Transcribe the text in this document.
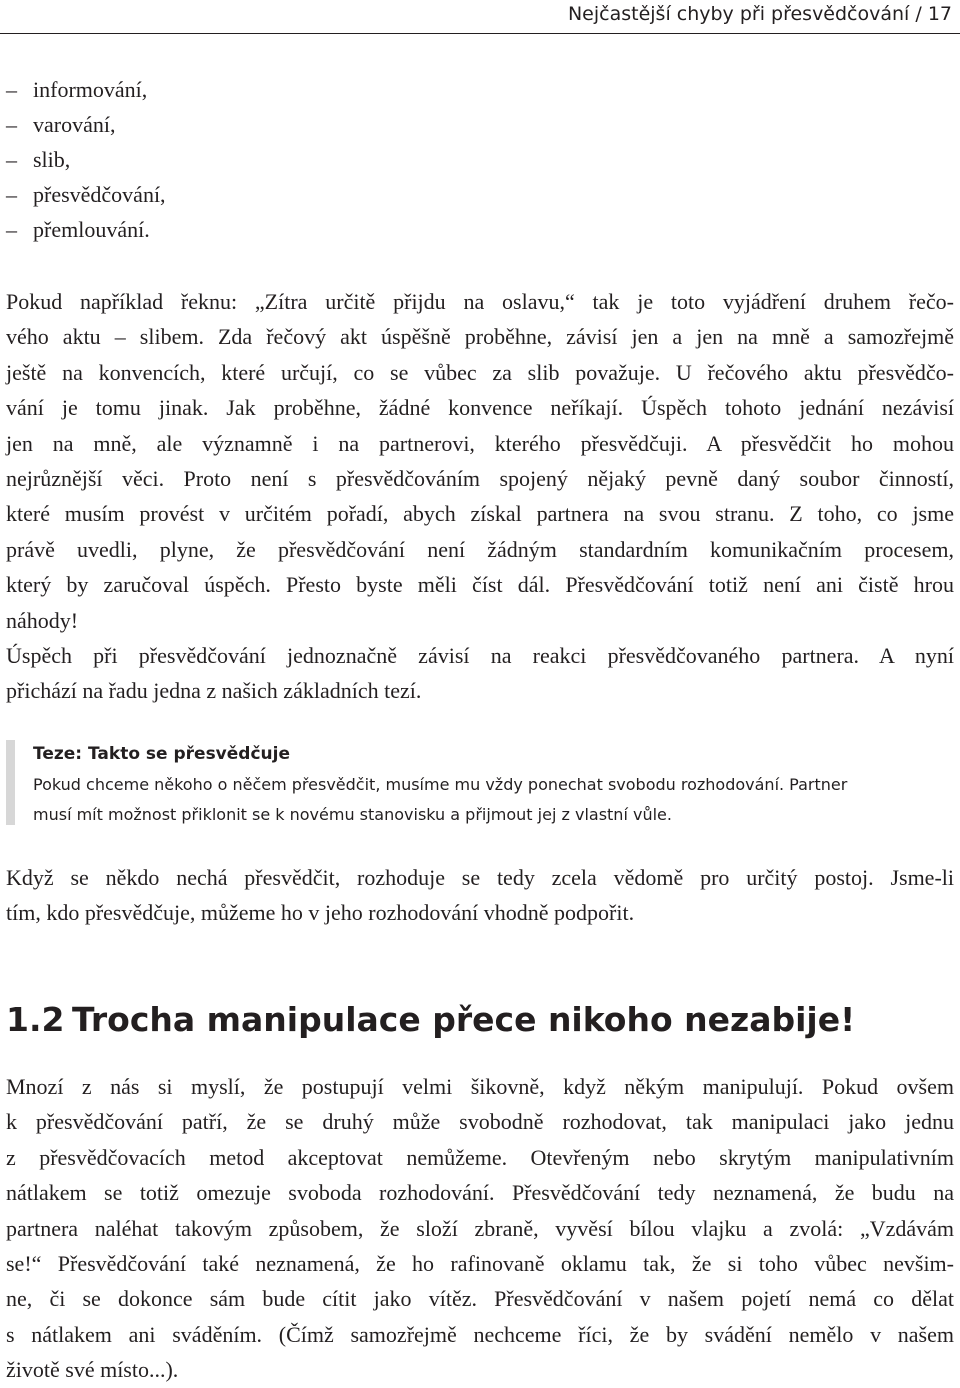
Nejčastější chyby při přesvědčování / 17
– informování,
– varování,
– slib,
– přesvědčování,
– přemlouvání.

Pokud například řeknu: „Zítra určitě přijdu na oslavu,“ tak je toto vyjádření druhem řečo-
vého aktu – slibem. Zda řečový akt úspěšně proběhne, závisí jen a jen na mně a samozřejmě
ještě na konvencích, které určují, co se vůbec za slib považuje. U řečového aktu přesvědčo-
vání je tomu jinak. Jak proběhne, žádné konvence neříkají. Úspěch tohoto jednání nezávisí
jen na mně, ale významně i na partnerovi, kterého přesvědčuji. A přesvědčit ho mohou
nejrůznější věci. Proto není s přesvědčováním spojený nějaký pevně daný soubor činností,
které musím provést v určitém pořadí, abych získal partnera na svou stranu. Z toho, co jsme
právě uvedli, plyne, že přesvědčování není žádným standardním komunikačním procesem,
který by zaručoval úspěch. Přesto byste měli číst dál. Přesvědčování totiž není ani čistě hrou
náhody!

Úspěch při přesvědčování jednoznačně závisí na reakci přesvědčovaného partnera. A nyní
přichází na řadu jedna z našich základních tezí.

Teze: Takto se přesvědčuje
Pokud chceme někoho o něčem přesvědčit, musíme mu vždy ponechat svobodu rozhodování. Partner
musí mít možnost přiklonit se k novému stanovisku a přijmout jej z vlastní vůle.

Když se někdo nechá přesvědčit, rozhoduje se tedy zcela vědomě pro určitý postoj. Jsme-li
tím, kdo přesvědčuje, můžeme ho v jeho rozhodování vhodně podpořit.

1.2 Trocha manipulace přece nikoho nezabije!

Mnozí z nás si myslí, že postupují velmi šikovně, když někým manipulují. Pokud ovšem
k přesvědčování patří, že se druhý může svobodně rozhodovat, tak manipulaci jako jednu
z přesvědčovacích metod akceptovat nemůžeme. Otevřeným nebo skrytým manipulativním
nátlakem se totiž omezuje svoboda rozhodování. Přesvědčování tedy neznamená, že budu na
partnera naléhat takovým způsobem, že složí zbraně, vyvěsí bílou vlajku a zvolá: „Vzdávám
se!“ Přesvědčování také neznamená, že ho rafinovaně oklamu tak, že si toho vůbec nevšim-
ne, či se dokonce sám bude cítit jako vítěz. Přesvědčování v našem pojetí nemá co dělat
s nátlakem ani sváděním. (Čímž samozřejmě nechceme říci, že by svádění nemělo v našem
životě své místo...).
